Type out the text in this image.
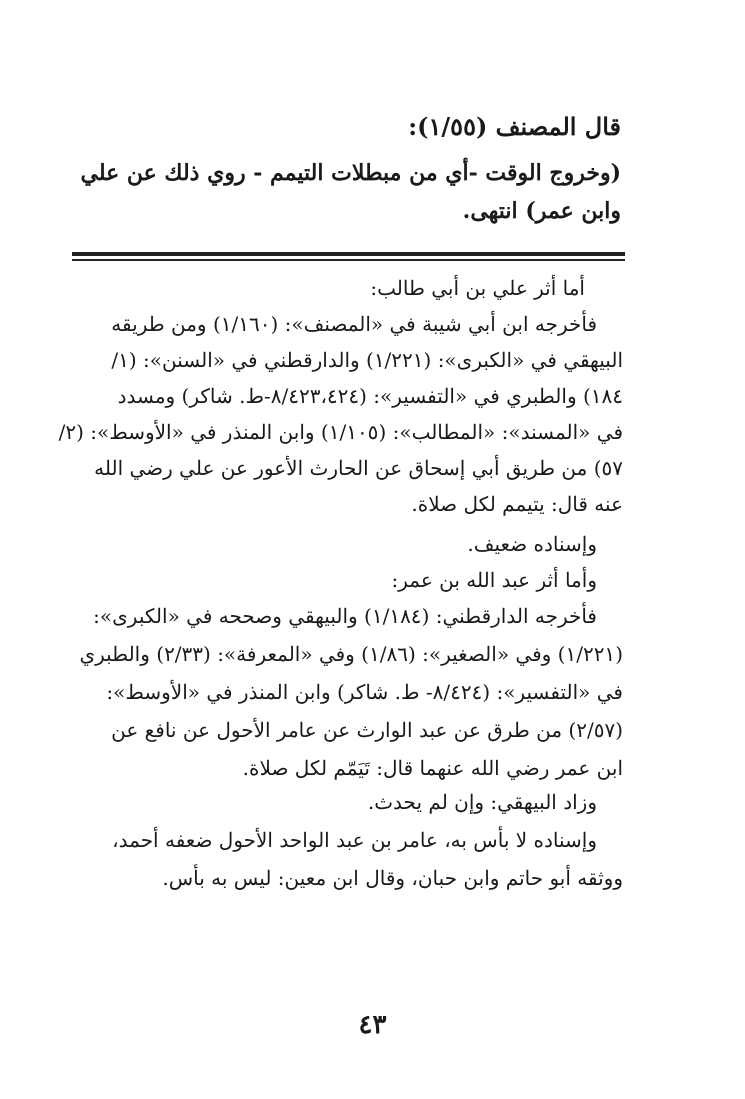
قال المصنف (١/٥٥):
(وخروج الوقت -أي من مبطلات التيمم - روي ذلك عن علي
وابن عمر) انتهى.
أما أثر علي بن أبي طالب:
فأخرجه ابن أبي شيبة في «المصنف»: (١/١٦٠) ومن طريقه
البيهقي في «الكبرى»: (١/٢٢١) والدارقطني في «السنن»: (١/
١٨٤) والطبري في «التفسير»: (٨/٤٢٣،٤٢٤-ط. شاكر) ومسدد
في «المسند»: «المطالب»: (١/١٠٥) وابن المنذر في «الأوسط»: (٢/
٥٧) من طريق أبي إسحاق عن الحارث الأعور عن علي رضي الله
عنه قال: يتيمم لكل صلاة.
وإسناده ضعيف.
وأما أثر عبد الله بن عمر:
فأخرجه الدارقطني: (١/١٨٤) والبيهقي وصححه في «الكبرى»:
(١/٢٢١) وفي «الصغير»: (١/٨٦) وفي «المعرفة»: (٢/٣٣) والطبري
في «التفسير»: (٨/٤٢٤- ط. شاكر) وابن المنذر في «الأوسط»:
(٢/٥٧) من طرق عن عبد الوارث عن عامر الأحول عن نافع عن
ابن عمر رضي الله عنهما قال: تَيَمّم لكل صلاة.
وزاد البيهقي: وإن لم يحدث.
وإسناده لا بأس به، عامر بن عبد الواحد الأحول ضعفه أحمد،
ووثقه أبو حاتم وابن حبان، وقال ابن معين: ليس به بأس.
٤٣
